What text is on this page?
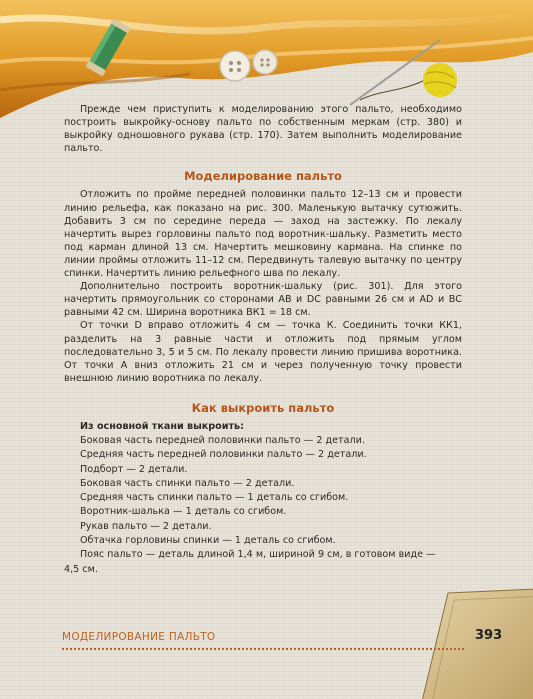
Прежде чем приступить к моделированию этого пальто, необходимо построить выкройку-основу пальто по собственным меркам (стр. 380) и выкройку одношовного рукава (стр. 170). Затем выполнить моделирование пальто.

Моделирование пальто

Отложить по пройме передней половинки пальто 12–13 см и провести линию рельефа, как показано на рис. 300. Маленькую вытачку сутюжить. Добавить 3 см по середине переда — заход на застежку. По лекалу начертить вырез горловины пальто под воротник-шальку. Разметить место под карман длиной 13 см. Начертить мешковину кармана. На спинке по линии проймы отложить 11–12 см. Передвинуть талевую вытачку по центру спинки. Начертить линию рельефного шва по лекалу.

Дополнительно построить воротник-шальку (рис. 301). Для этого начертить прямоугольник со сторонами АВ и DC равными 26 см и AD и ВС равными 42 см. Ширина воротника ВК1 = 18 см.

От точки D вправо отложить 4 см — точка К. Соединить точки КК1, разделить на 3 равные части и отложить под прямым углом последовательно 3, 5 и 5 см. По лекалу провести линию пришива воротника. От точки А вниз отложить 21 см и через полученную точку провести внешнюю линию воротника по лекалу.

Как выкроить пальто
Из основной ткани выкроить:
Боковая часть передней половинки пальто — 2 детали.
Средняя часть передней половинки пальто — 2 детали.
Подборт — 2 детали.
Боковая часть спинки пальто — 2 детали.
Средняя часть спинки пальто — 1 деталь со сгибом.
Воротник-шалька — 1 деталь со сгибом.
Рукав пальто — 2 детали.
Обтачка горловины спинки — 1 деталь со сгибом.
Пояс пальто — деталь длиной 1,4 м, шириной 9 см, в готовом виде —
4,5 см.
МОДЕЛИРОВАНИЕ ПАЛЬТО	393
